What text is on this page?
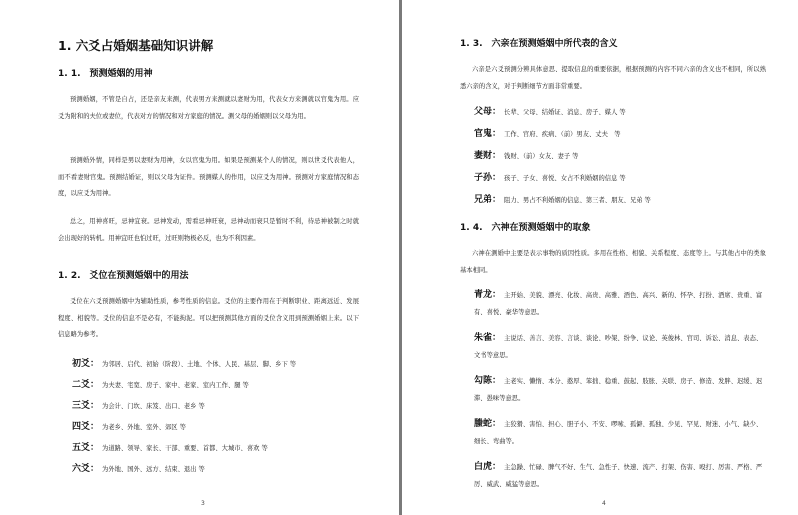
1. 六爻占婚姻基础知识讲解
1. 1.　预测婚姻的用神
预测婚姻，不管是自占，还是亲友来测，代表男方来测就以妻财为用，代表女方来测就以官鬼为用。应爻为附和的夫位或妻位，代表对方的情况和对方家庭的情况。测父母的婚姻则以父母为用。
预测婚外情，同样是男以妻财为用神，女以官鬼为用。如果是预测某个人的情况，则以世爻代表他人，而不看妻财官鬼。预测结婚证，则以父母为证件。预测媒人的作用，以应爻为用神。预测对方家庭情况和态度，以应爻为用神。
总之，用神喜旺，忌神宜衰。忌神发动，需看忌神旺衰，忌神动而衰只是暂时不利，待忌神被制之时就会出现好的转机。用神宜旺也怕过旺，过旺则物极必反，也为不利因素。
1. 2.　爻位在预测婚姻中的用法
爻位在六爻预测婚姻中为辅助性质，参考性质的信息。爻位的主要作用在于判断职业、距离远近、发展程度、相貌等。爻位的信息不是必有，不能拘泥。可以把预测其他方面的爻位含义用到预测婚姻上来。以下信息略为参考。
初爻： 为邻居、启代、初始（阶段）、土地、个体、人民、基层、脚、乡下 等
二爻： 为夫妻、宅宽、房子、家中、老家、室内工作、腿 等
三爻： 为会计、门坎、床笈、出口、老乡 等
四爻： 为老乡、外地、室外、郊区 等
五爻： 为道路、领导、家长、干部、重要、首都、大城市、喜欢 等
六爻： 为外地、国外、远方、结束、退出 等
3
1. 3.　六亲在预测婚姻中所代表的含义
六亲是六爻预测分辨具体意思、提取信息的重要依据，根据预测的内容不同六亲的含义也不相同，所以熟悉六亲的含义，对于判断细节方面非常重要。
父母： 长辈、父母、结婚证、消息、房子、媒人 等
官鬼： 工作、官府、疾病、（前）男友、丈夫　等
妻财： 钱财、（前）女友、妻子 等
子孙： 孩子、子女、喜悦、女占不利婚姻的信息 等
兄弟： 阻力、男占不利婚姻的信息、第三者、朋友、兄弟 等
1. 4.　六神在预测婚姻中的取象
六神在测婚中主要是表示事物的质因性质。多用在性格、相貌、关系程度、态度等上。与其他占中的类象基本相同。
青龙： 主开始、美貌、漂亮、化妆、高贵、高雅、酒色、高兴、新的、怀孕、打扮、酒席、贵重、富有、喜悦、豪华等意思。
朱雀： 主说话、善言、美容、言谈、谈论、吵架、纷争、议论、英俊林、官司、诉讼、消息、表态、文书等意思。
勾陈： 主老实、懒惰、本分、憨厚、笨拙、稳重、鼓起、肢胀、关联、房子、修造、发胖、迟缓、迟滞、愚味等意思。
螣蛇： 主狡猾、害怕、担心、胆子小、不安、啰嗦、孤僻、孤独、少见、罕见、财迷、小气、缺少、细长、弯曲等。
白虎： 主急躁、忙碌、脾气不好、生气、急性子、快速、流产、打架、伤害、殴打、厉害、严格、严厉、威武、威猛等意思。
4
